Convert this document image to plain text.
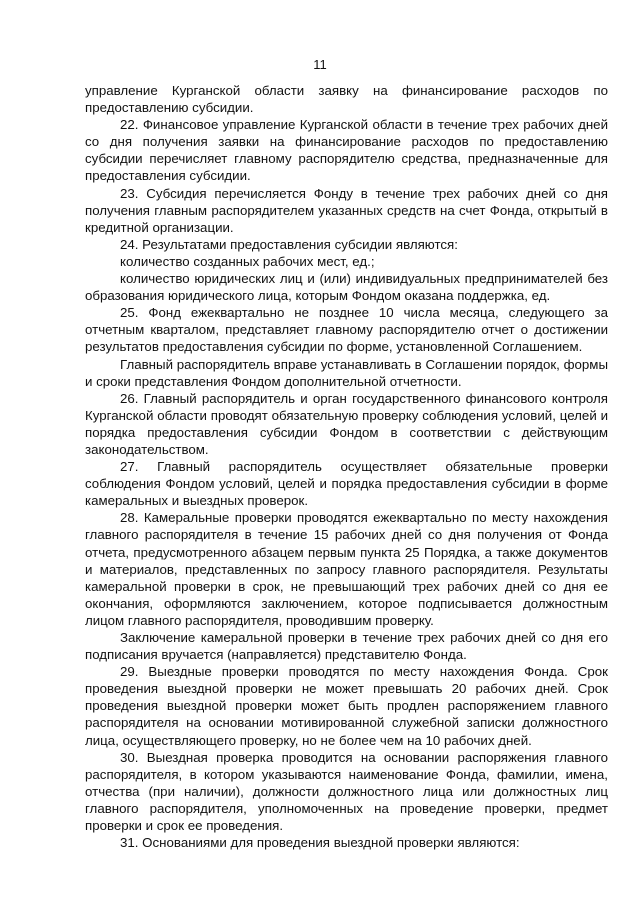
11

управление Курганской области заявку на финансирование расходов по предоставлению субсидии.

22. Финансовое управление Курганской области в течение трех рабочих дней со дня получения заявки на финансирование расходов по предоставлению субсидии перечисляет главному распорядителю средства, предназначенные для предоставления субсидии.

23. Субсидия перечисляется Фонду в течение трех рабочих дней со дня получения главным распорядителем указанных средств на счет Фонда, открытый в кредитной организации.

24. Результатами предоставления субсидии являются:

количество созданных рабочих мест, ед.;

количество юридических лиц и (или) индивидуальных предпринимателей без образования юридического лица, которым Фондом оказана поддержка, ед.

25. Фонд ежеквартально не позднее 10 числа месяца, следующего за отчетным кварталом, представляет главному распорядителю отчет о достижении результатов предоставления субсидии по форме, установленной Соглашением.

Главный распорядитель вправе устанавливать в Соглашении порядок, формы и сроки представления Фондом дополнительной отчетности.

26. Главный распорядитель и орган государственного финансового контроля Курганской области проводят обязательную проверку соблюдения условий, целей и порядка предоставления субсидии Фондом в соответствии с действующим законодательством.

27. Главный распорядитель осуществляет обязательные проверки соблюдения Фондом условий, целей и порядка предоставления субсидии в форме камеральных и выездных проверок.

28. Камеральные проверки проводятся ежеквартально по месту нахождения главного распорядителя в течение 15 рабочих дней со дня получения от Фонда отчета, предусмотренного абзацем первым пункта 25 Порядка, а также документов и материалов, представленных по запросу главного распорядителя. Результаты камеральной проверки в срок, не превышающий трех рабочих дней со дня ее окончания, оформляются заключением, которое подписывается должностным лицом главного распорядителя, проводившим проверку.

Заключение камеральной проверки в течение трех рабочих дней со дня его подписания вручается (направляется) представителю Фонда.

29. Выездные проверки проводятся по месту нахождения Фонда. Срок проведения выездной проверки не может превышать 20 рабочих дней. Срок проведения выездной проверки может быть продлен распоряжением главного распорядителя на основании мотивированной служебной записки должностного лица, осуществляющего проверку, но не более чем на 10 рабочих дней.

30. Выездная проверка проводится на основании распоряжения главного распорядителя, в котором указываются наименование Фонда, фамилии, имена, отчества (при наличии), должности должностного лица или должностных лиц главного распорядителя, уполномоченных на проведение проверки, предмет проверки и срок ее проведения.

31. Основаниями для проведения выездной проверки являются:
